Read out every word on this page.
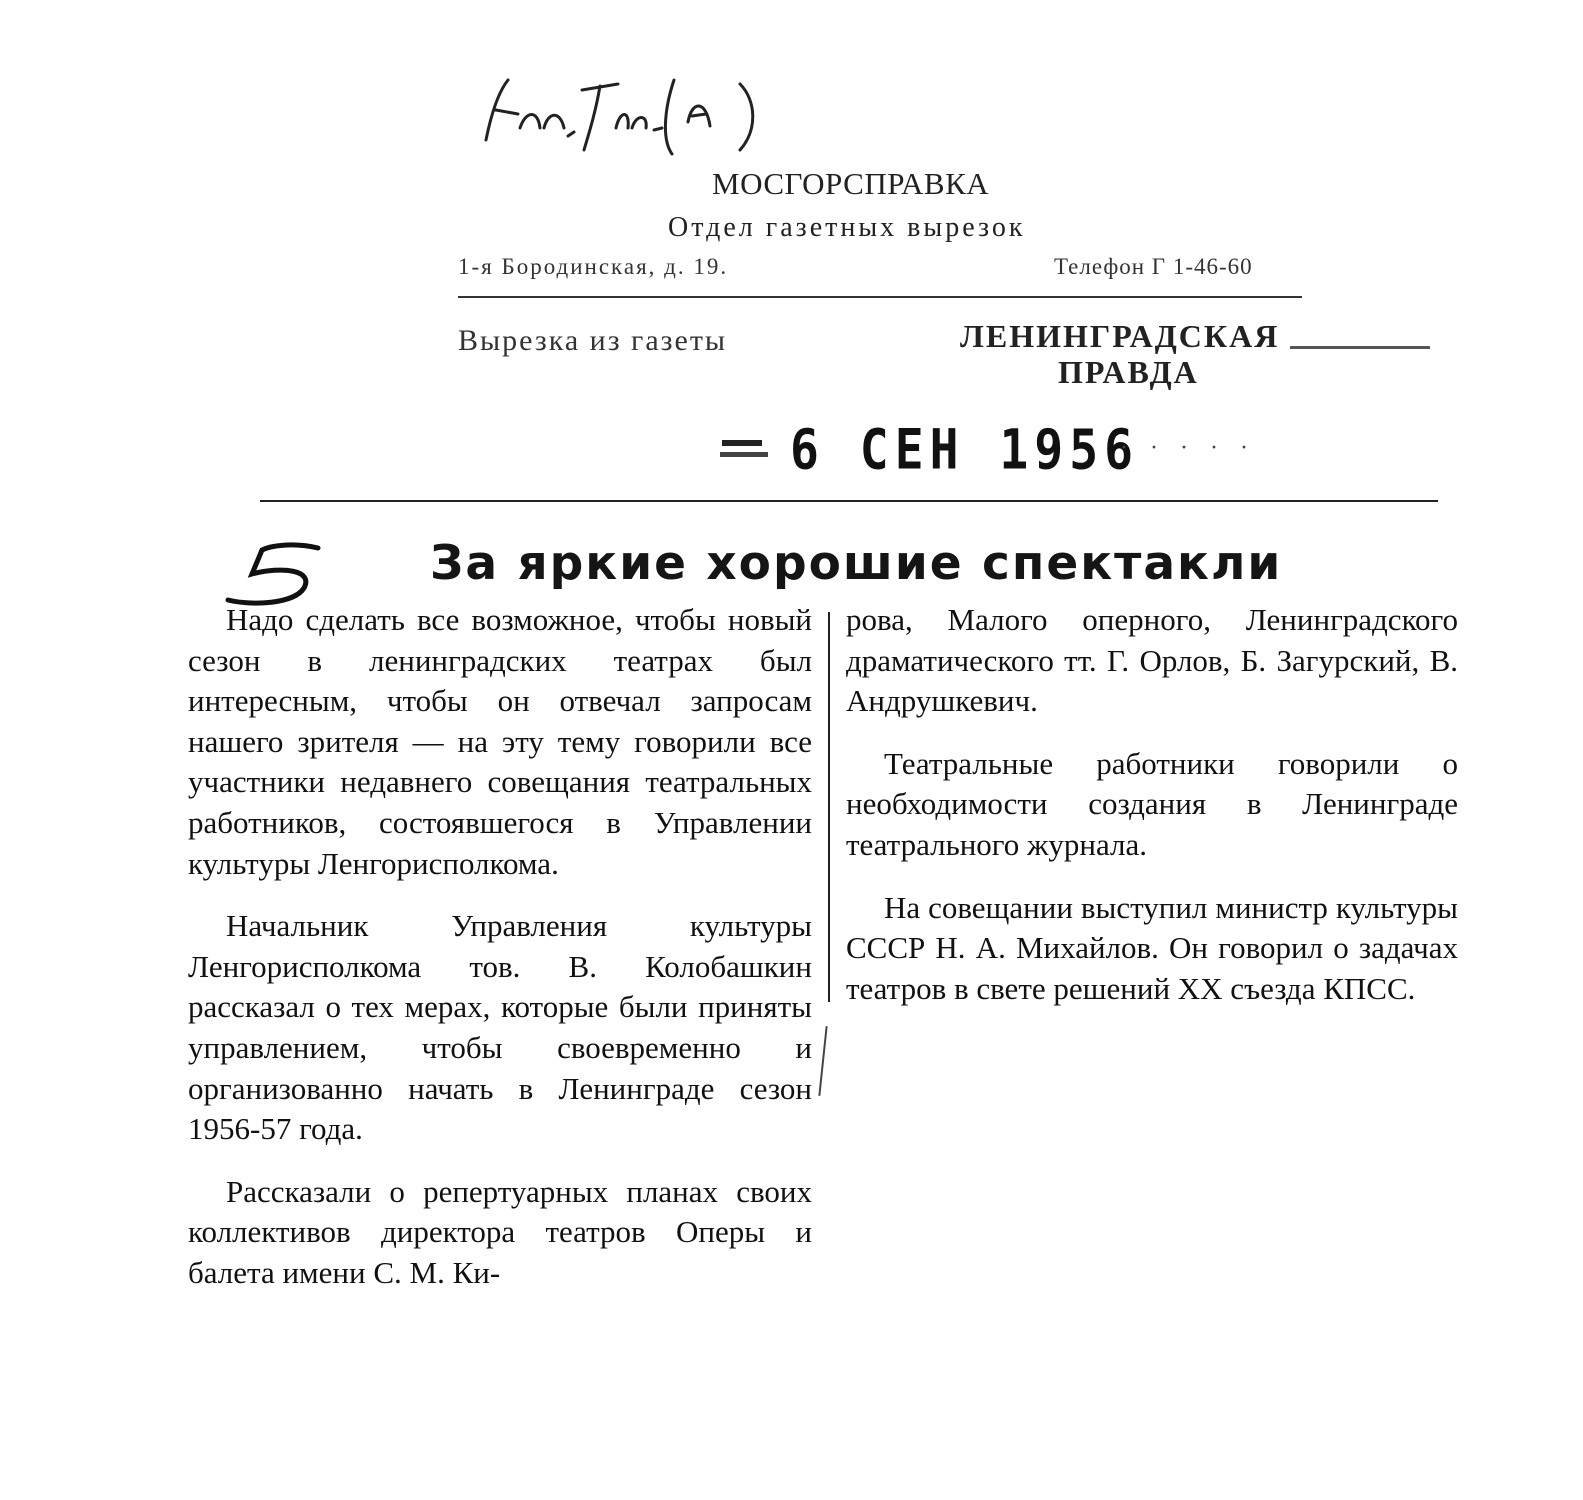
МОСГОРСПРАВКА
Отдел газетных вырезок
1-я Бородинская, д. 19.	Телефон Г 1-46-60
Вырезка из газеты	ЛЕНИНГРАДСКАЯ
ПРАВДА
6 СЕН 1956
·····
5
За яркие хорошие спектакли

Надо сделать все возможное, чтобы новый сезон в ленинградских театрах был интересным, чтобы он отвечал запросам нашего зрителя — на эту тему говорили все участники недавнего совещания театральных работников, состоявшегося в Управлении культуры Ленгорисполкома.

Начальник Управления культуры Ленгорисполкома тов. В. Колобашкин рассказал о тех мерах, которые были приняты управлением, чтобы своевременно и организованно начать в Ленинграде сезон 1956-57 года.

Рассказали о репертуарных планах своих коллективов директора театров Оперы и балета имени С. М. Ки-

рова, Малого оперного, Ленинградского драматического тт. Г. Орлов, Б. Загурский, В. Андрушкевич.

Театральные работники говорили о необходимости создания в Ленинграде театрального журнала.

На совещании выступил министр культуры СССР Н. А. Михайлов. Он говорил о задачах театров в свете решений XX съезда КПСС.
